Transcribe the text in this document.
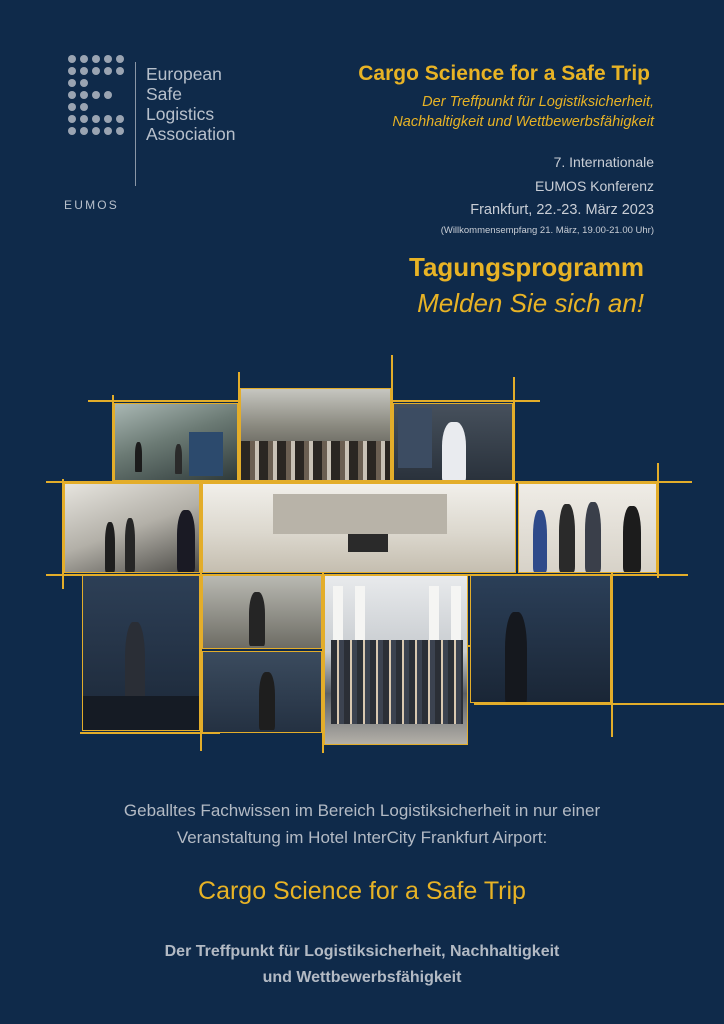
European
Safe
Logistics
Association
EUMOS
Cargo Science for a Safe Trip
Der Treffpunkt für Logistiksicherheit,
Nachhaltigkeit und Wettbewerbsfähigkeit
7. Internationale
EUMOS Konferenz
Frankfurt, 22.-23. März 2023
(Willkommensempfang 21. März, 19.00-21.00 Uhr)
Tagungsprogramm
Melden Sie sich an!
Geballtes Fachwissen im Bereich Logistiksicherheit in nur einer
Veranstaltung im Hotel InterCity Frankfurt Airport:
Cargo Science for a Safe Trip
Der Treffpunkt für Logistiksicherheit, Nachhaltigkeit
und Wettbewerbsfähigkeit
